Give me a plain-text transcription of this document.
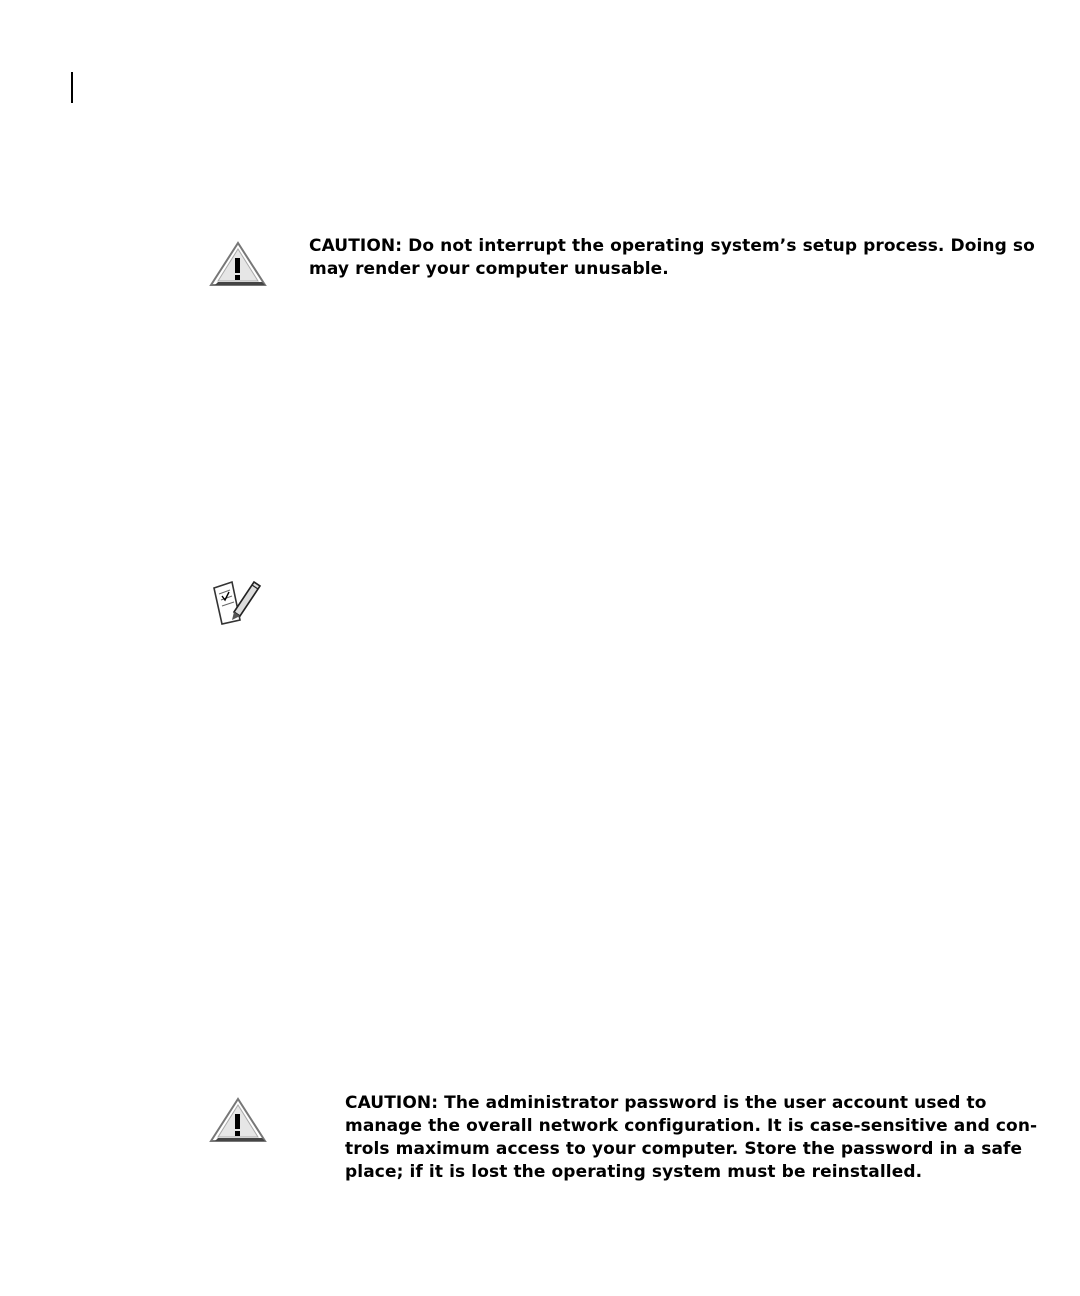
CAUTION: Do not interrupt the operating system’s setup process. Doing so
may render your computer unusable.
CAUTION: The administrator password is the user account used to
manage the overall network configuration. It is case-sensitive and con-
trols maximum access to your computer. Store the password in a safe
place; if it is lost the operating system must be reinstalled.
